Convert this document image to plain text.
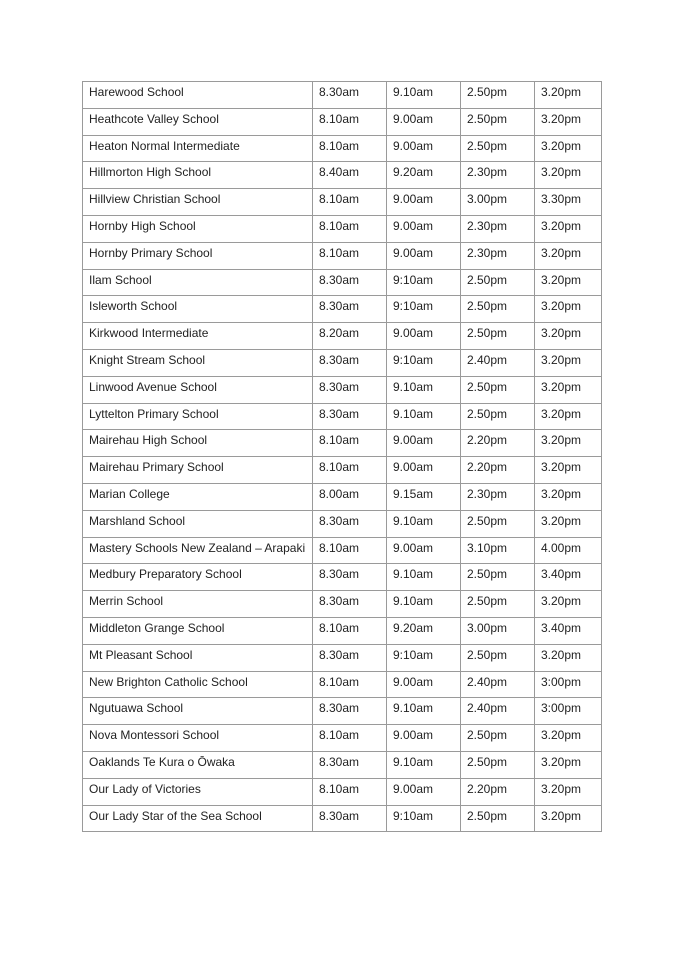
Harewood School	8.30am	9.10am	2.50pm	3.20pm
Heathcote Valley School	8.10am	9.00am	2.50pm	3.20pm
Heaton Normal Intermediate	8.10am	9.00am	2.50pm	3.20pm
Hillmorton High School	8.40am	9.20am	2.30pm	3.20pm
Hillview Christian School	8.10am	9.00am	3.00pm	3.30pm
Hornby High School	8.10am	9.00am	2.30pm	3.20pm
Hornby Primary School	8.10am	9.00am	2.30pm	3.20pm
Ilam School	8.30am	9:10am	2.50pm	3.20pm
Isleworth School	8.30am	9:10am	2.50pm	3.20pm
Kirkwood Intermediate	8.20am	9.00am	2.50pm	3.20pm
Knight Stream School	8.30am	9:10am	2.40pm	3.20pm
Linwood Avenue School	8.30am	9.10am	2.50pm	3.20pm
Lyttelton Primary School	8.30am	9.10am	2.50pm	3.20pm
Mairehau High School	8.10am	9.00am	2.20pm	3.20pm
Mairehau Primary School	8.10am	9.00am	2.20pm	3.20pm
Marian College	8.00am	9.15am	2.30pm	3.20pm
Marshland School	8.30am	9.10am	2.50pm	3.20pm
Mastery Schools New Zealand – Arapaki	8.10am	9.00am	3.10pm	4.00pm
Medbury Preparatory School	8.30am	9.10am	2.50pm	3.40pm
Merrin School	8.30am	9.10am	2.50pm	3.20pm
Middleton Grange School	8.10am	9.20am	3.00pm	3.40pm
Mt Pleasant School	8.30am	9:10am	2.50pm	3.20pm
New Brighton Catholic School	8.10am	9.00am	2.40pm	3:00pm
Ngutuawa School	8.30am	9.10am	2.40pm	3:00pm
Nova Montessori School	8.10am	9.00am	2.50pm	3.20pm
Oaklands Te Kura o Ōwaka	8.30am	9.10am	2.50pm	3.20pm
Our Lady of Victories	8.10am	9.00am	2.20pm	3.20pm
Our Lady Star of the Sea School	8.30am	9:10am	2.50pm	3.20pm
